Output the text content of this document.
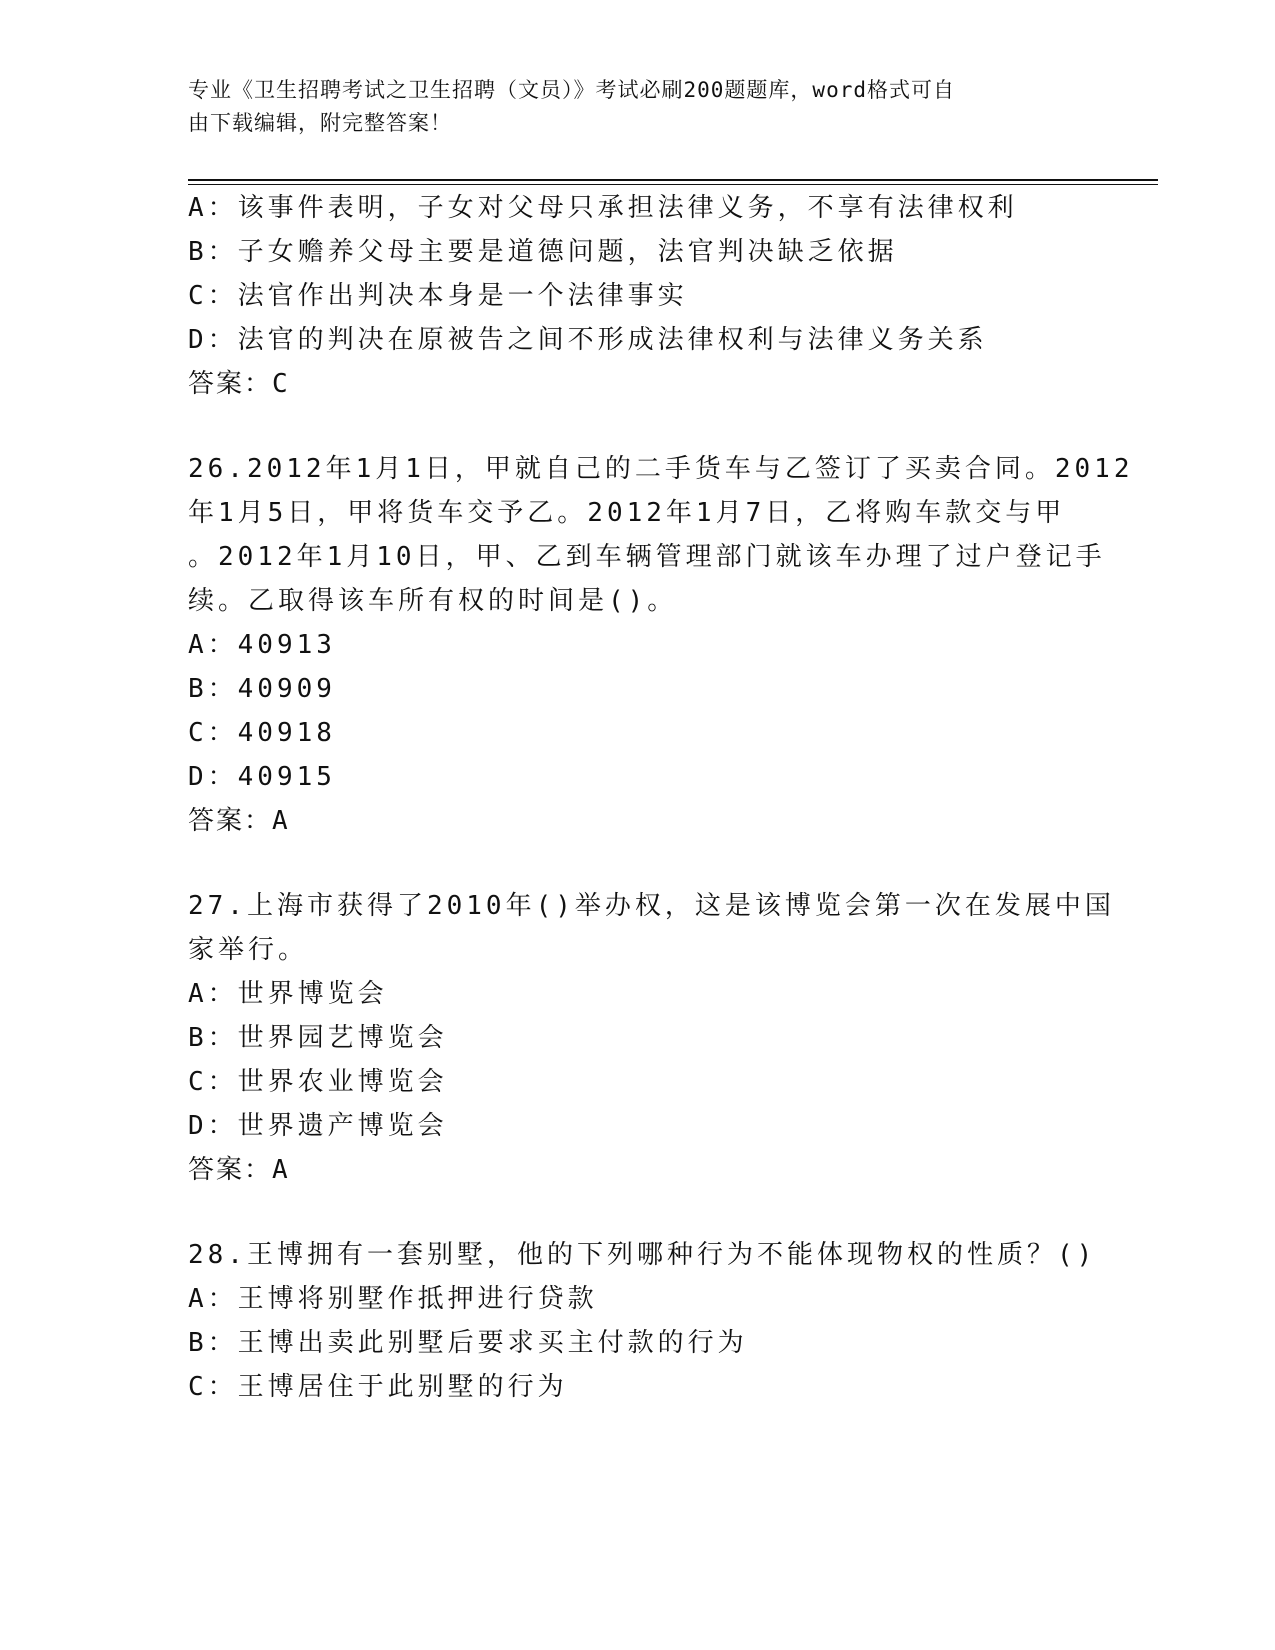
专业《卫生招聘考试之卫生招聘（文员）》考试必刷200题题库，word格式可自
由下载编辑，附完整答案！
A：该事件表明，子女对父母只承担法律义务，不享有法律权利
B：子女赡养父母主要是道德问题，法官判决缺乏依据
C：法官作出判决本身是一个法律事实
D：法官的判决在原被告之间不形成法律权利与法律义务关系
答案：C
26.2012年1月1日，甲就自己的二手货车与乙签订了买卖合同。2012
年1月5日，甲将货车交予乙。2012年1月7日，乙将购车款交与甲
。2012年1月10日，甲、乙到车辆管理部门就该车办理了过户登记手
续。乙取得该车所有权的时间是()。
A：40913
B：40909
C：40918
D：40915
答案：A
27.上海市获得了2010年()举办权，这是该博览会第一次在发展中国
家举行。
A：世界博览会
B：世界园艺博览会
C：世界农业博览会
D：世界遗产博览会
答案：A
28.王博拥有一套别墅，他的下列哪种行为不能体现物权的性质？()
A：王博将别墅作抵押进行贷款
B：王博出卖此别墅后要求买主付款的行为
C：王博居住于此别墅的行为
